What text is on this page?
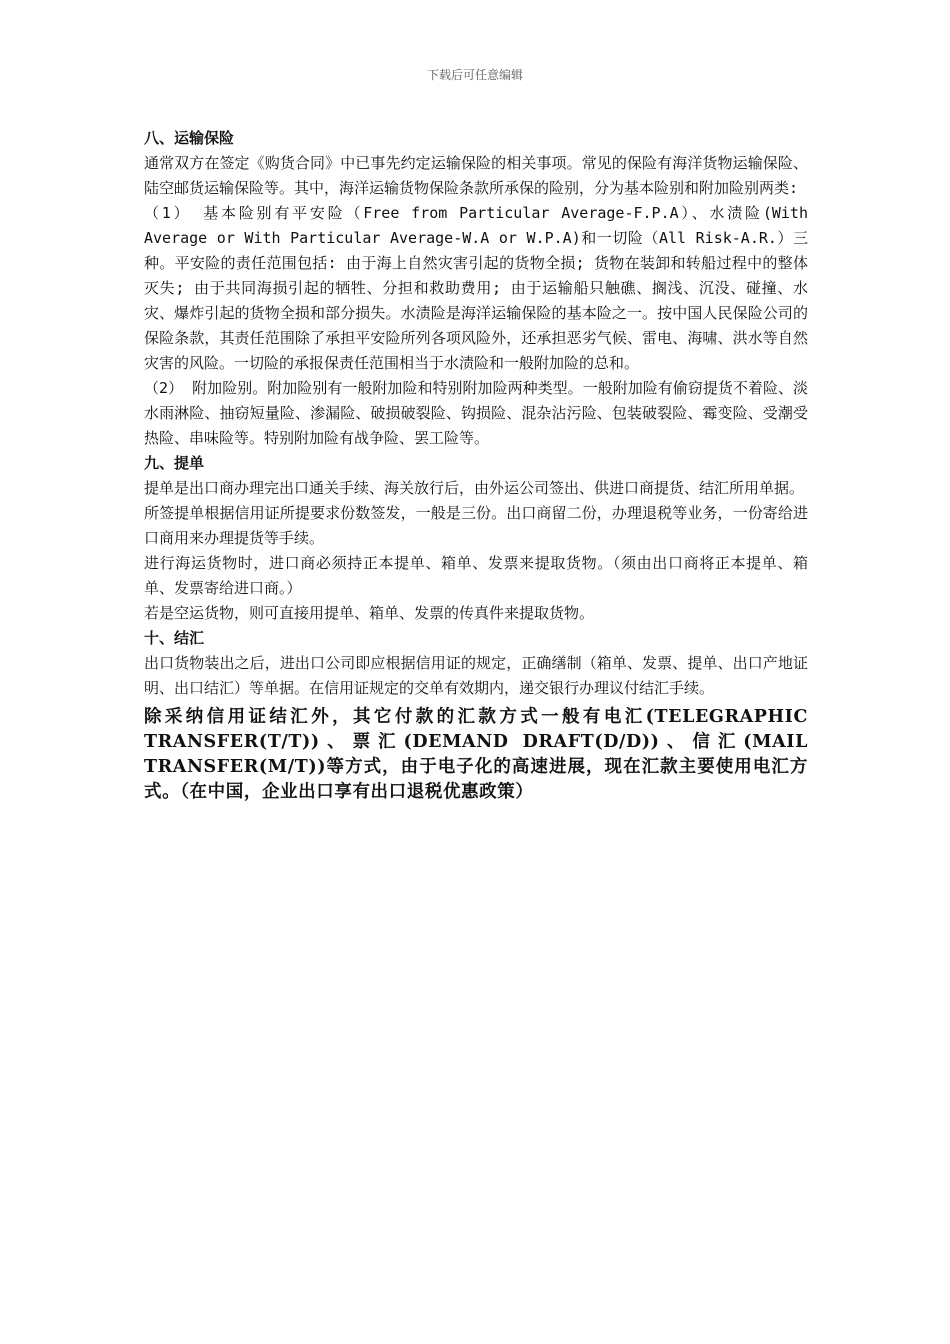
下载后可任意编辑

八、运输保险

通常双方在签定《购货合同》中已事先约定运输保险的相关事项。常见的保险有海洋货物运输保险、陆空邮货运输保险等。其中，海洋运输货物保险条款所承保的险别，分为基本险别和附加险别两类:

（1） 基本险别有平安险（Free from Particular Average-F.P.A）、水渍险(With Average or With Particular Average-W.A or W.P.A)和一切险（All Risk-A.R.）三种。平安险的责任范围包括: 由于海上自然灾害引起的货物全损; 货物在装卸和转船过程中的整体灭失; 由于共同海损引起的牺牲、分担和救助费用; 由于运输船只触礁、搁浅、沉没、碰撞、水灾、爆炸引起的货物全损和部分损失。水渍险是海洋运输保险的基本险之一。按中国人民保险公司的保险条款，其责任范围除了承担平安险所列各项风险外，还承担恶劣气候、雷电、海啸、洪水等自然灾害的风险。一切险的承报保责任范围相当于水渍险和一般附加险的总和。

（2） 附加险别。附加险别有一般附加险和特别附加险两种类型。一般附加险有偷窃提货不着险、淡水雨淋险、抽窃短量险、渗漏险、破损破裂险、钩损险、混杂沾污险、包装破裂险、霉变险、受潮受热险、串味险等。特别附加险有战争险、罢工险等。

九、提单

提单是出口商办理完出口通关手续、海关放行后，由外运公司签出、供进口商提货、结汇所用单据。

所签提单根据信用证所提要求份数签发，一般是三份。出口商留二份，办理退税等业务，一份寄给进口商用来办理提货等手续。

进行海运货物时，进口商必须持正本提单、箱单、发票来提取货物。（须由出口商将正本提单、箱单、发票寄给进口商。）

若是空运货物，则可直接用提单、箱单、发票的传真件来提取货物。

十、结汇

出口货物装出之后，进出口公司即应根据信用证的规定，正确缮制（箱单、发票、提单、出口产地证明、出口结汇）等单据。在信用证规定的交单有效期内，递交银行办理议付结汇手续。

除采纳信用证结汇外，其它付款的汇款方式一般有电汇(TELEGRAPHIC TRANSFER(T/T))、票汇(DEMAND DRAFT(D/D))、信汇(MAIL TRANSFER(M/T))等方式，由于电子化的高速进展，现在汇款主要使用电汇方式。（在中国，企业出口享有出口退税优惠政策）
